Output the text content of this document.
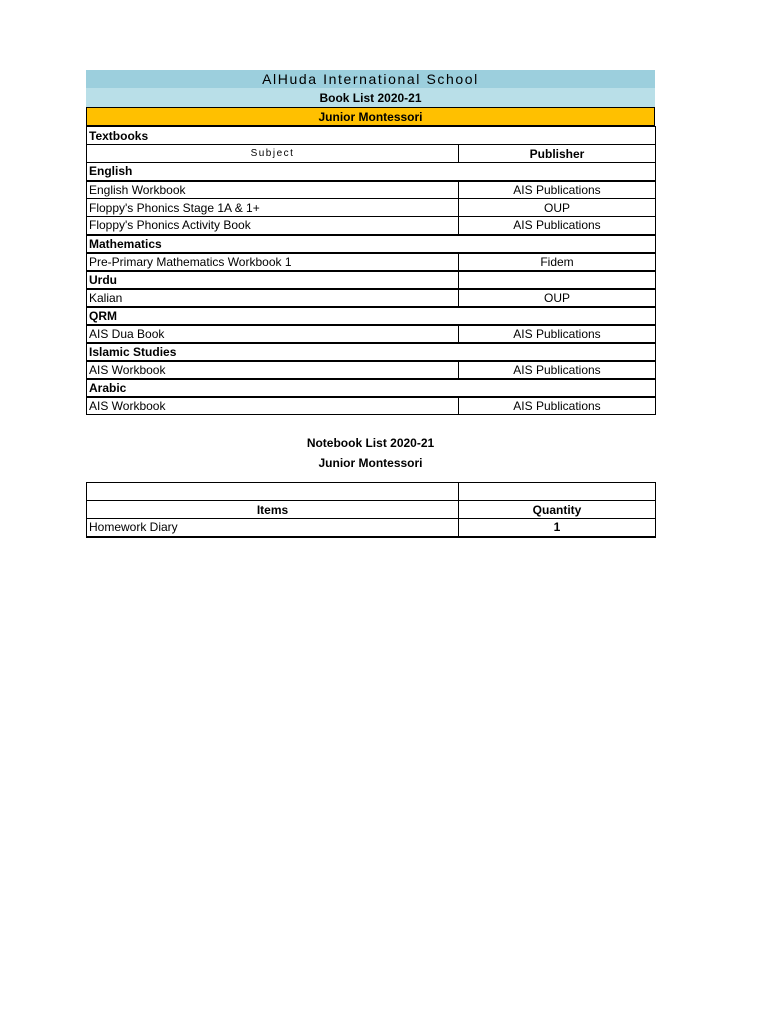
AlHuda International School
Book List 2020-21
Junior Montessori
Textbooks	
Subject	Publisher
English	
English Workbook	AIS Publications
Floppy's Phonics Stage 1A & 1+	OUP
Floppy's Phonics Activity Book	AIS Publications
Mathematics	
Pre-Primary Mathematics Workbook 1	Fidem
Urdu	
Kalian	OUP
QRM	
AIS Dua Book	AIS Publications
Islamic Studies	
AIS Workbook	AIS Publications
Arabic	
AIS Workbook	AIS Publications
Notebook List 2020-21
Junior Montessori

Items	Quantity
Homework Diary	1
